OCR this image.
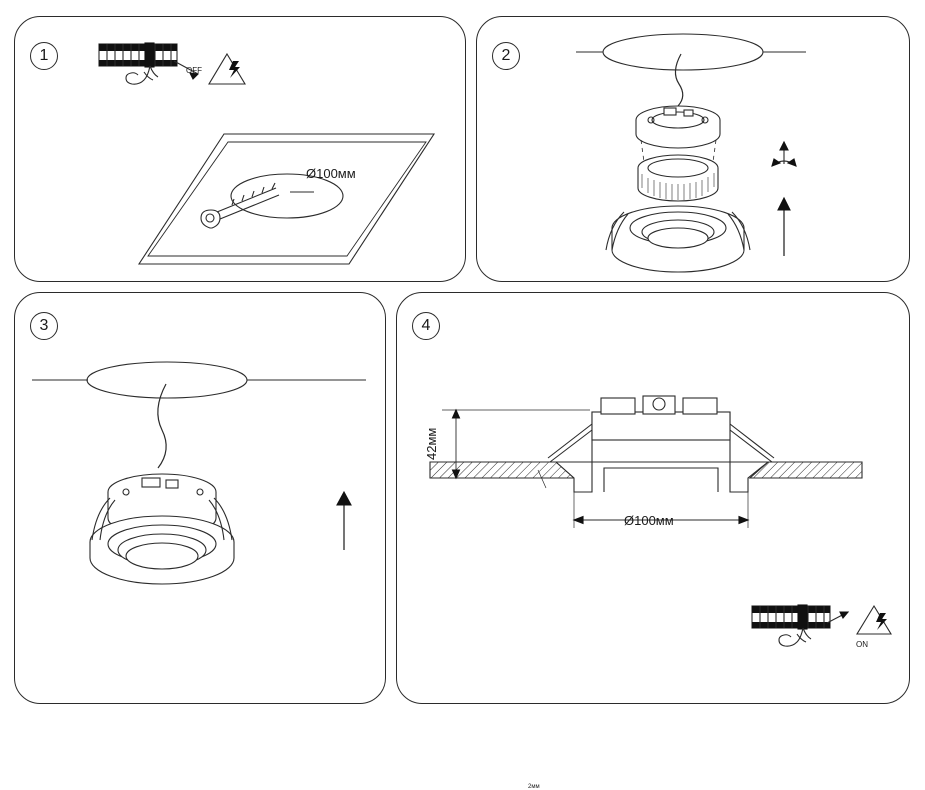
1
OFF
Ø100мм
2
3	4
42мм
2мм
Ø100мм
ON
